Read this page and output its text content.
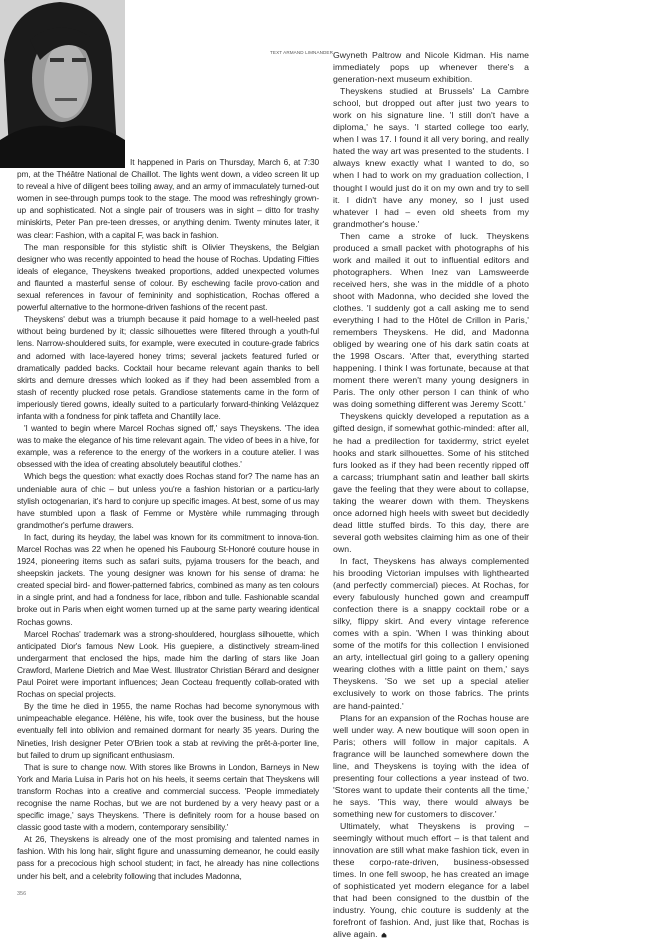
TEXT ARMAND LIMNANDER

It happened in Paris on Thursday, March 6, at 7:30 pm, at the Théâtre National de Chaillot. The lights went down, a video screen lit up to reveal a hive of diligent bees toiling away, and an army of immaculately turned-out women in see-through pumps took to the stage. The mood was refreshingly grown-up and sophisticated. Not a single pair of trousers was in sight – ditto for trashy miniskirts, Peter Pan pre-teen dresses, or anything denim. Twenty minutes later, it was clear: Fashion, with a capital F, was back in fashion.

The man responsible for this stylistic shift is Olivier Theyskens, the Belgian designer who was recently appointed to head the house of Rochas. Updating Fifties ideals of elegance, Theyskens tweaked proportions, added unexpected volumes and flaunted a masterful sense of colour. By eschewing facile provo-cation and sexual references in favour of femininity and sophistication, Rochas offered a powerful alternative to the hormone-driven fashions of the recent past.

Theyskens' debut was a triumph because it paid homage to a well-heeled past without being burdened by it; classic silhouettes were filtered through a youth-ful lens. Narrow-shouldered suits, for example, were executed in couture-grade fabrics and adorned with lace-layered honey trims; several jackets featured furled or dramatically padded backs. Cocktail hour became relevant again thanks to bell skirts and demure dresses which looked as if they had been assembled from a stash of recently plucked rose petals. Grandiose statements came in the form of imperiously tiered gowns, ideally suited to a particularly forward-thinking Velázquez infanta with a fondness for pink taffeta and Chantilly lace.

'I wanted to begin where Marcel Rochas signed off,' says Theyskens. 'The idea was to make the elegance of his time relevant again. The video of bees in a hive, for example, was a reference to the energy of the workers in a couture atelier. I was obsessed with the idea of creating absolutely beautiful clothes.'

Which begs the question: what exactly does Rochas stand for? The name has an undeniable aura of chic – but unless you're a fashion historian or a particu-larly stylish octogenarian, it's hard to conjure up specific images. At best, some of us may have stumbled upon a flask of Femme or Mystère while rummaging through grandmother's perfume drawers.

In fact, during its heyday, the label was known for its commitment to innova-tion. Marcel Rochas was 22 when he opened his Faubourg St-Honoré couture house in 1924, pioneering items such as safari suits, pyjama trousers for the beach, and sheepskin jackets. The young designer was known for his sense of drama: he created special bird- and flower-patterned fabrics, combined as many as ten colours in a single print, and had a fondness for lace, ribbon and tulle. Fashionable scandal broke out in Paris when eight women turned up at the same party wearing identical Rochas gowns.

Marcel Rochas' trademark was a strong-shouldered, hourglass silhouette, which anticipated Dior's famous New Look. His guepiere, a distinctively stream-lined undergarment that enclosed the hips, made him the darling of stars like Joan Crawford, Marlene Dietrich and Mae West. Illustrator Christian Bérard and designer Paul Poiret were important influences; Jean Cocteau frequently collab-orated with Rochas on special projects.

By the time he died in 1955, the name Rochas had become synonymous with unimpeachable elegance. Hélène, his wife, took over the business, but the house eventually fell into oblivion and remained dormant for nearly 35 years. During the Nineties, Irish designer Peter O'Brien took a stab at reviving the prêt-à-porter line, but failed to drum up significant enthusiasm.

That is sure to change now. With stores like Browns in London, Barneys in New York and Maria Luisa in Paris hot on his heels, it seems certain that Theyskens will transform Rochas into a creative and commercial success. 'People immediately recognise the name Rochas, but we are not burdened by a very heavy past or a specific image,' says Theyskens. 'There is definitely room for a house based on classic good taste with a modern, contemporary sensibility.'

At 26, Theyskens is already one of the most promising and talented names in fashion. With his long hair, slight figure and unassuming demeanor, he could easily pass for a precocious high school student; in fact, he already has nine collections under his belt, and a celebrity following that includes Madonna,

Gwyneth Paltrow and Nicole Kidman. His name immediately pops up whenever there's a generation-next museum exhibition.

Theyskens studied at Brussels' La Cambre school, but dropped out after just two years to work on his signature line. 'I still don't have a diploma,' he says. 'I started college too early, when I was 17. I found it all very boring, and really hated the way art was presented to the students. I always knew exactly what I wanted to do, so when I had to work on my graduation collection, I thought I would just do it on my own and try to sell it. I didn't have any money, so I just used whatever I had – even old sheets from my grandmother's house.'

Then came a stroke of luck. Theyskens produced a small packet with photographs of his work and mailed it out to influential editors and photographers. When Inez van Lamsweerde received hers, she was in the middle of a photo shoot with Madonna, who decided she loved the clothes. 'I suddenly got a call asking me to send everything I had to the Hôtel de Crillon in Paris,' remembers Theyskens. He did, and Madonna obliged by wearing one of his dark satin coats at the 1998 Oscars. 'After that, everything started happening. I think I was fortunate, because at that moment there weren't many young designers in Paris. The only other person I can think of who was doing something different was Jeremy Scott.'

Theyskens quickly developed a reputation as a gifted design, if somewhat gothic-minded: after all, he had a predilection for taxidermy, strict eyelet hooks and stark silhouettes. Some of his stitched furs looked as if they had been recently ripped off a carcass; triumphant satin and leather ball skirts gave the feeling that they were about to collapse, taking the wearer down with them. Theyskens once adorned high heels with sweet but decidedly dead little stuffed birds. To this day, there are several goth websites claiming him as one of their own.

In fact, Theyskens has always complemented his brooding Victorian impulses with lighthearted (and perfectly commercial) pieces. At Rochas, for every fabulously hunched gown and creampuff confection there is a snappy cocktail robe or a silky, flippy skirt. And every vintage reference comes with a spin. 'When I was thinking about some of the motifs for this collection I envisioned an arty, intellectual girl going to a gallery opening wearing clothes with a little paint on them,' says Theyskens. 'So we set up a special atelier exclusively to work on those fabrics. The prints are hand-painted.'

Plans for an expansion of the Rochas house are well under way. A new boutique will soon open in Paris; others will follow in major capitals. A fragrance will be launched somewhere down the line, and Theyskens is toying with the idea of presenting four collections a year instead of two. 'Stores want to update their contents all the time,' he says. 'This way, there would always be something new for customers to discover.'

Ultimately, what Theyskens is proving – seemingly without much effort – is that talent and innovation are still what make fashion tick, even in these corpo-rate-driven, business-obsessed times. In one fell swoop, he has created an image of sophisticated yet modern elegance for a label that had been consigned to the dustbin of the industry. Young, chic couture is suddenly at the forefront of fashion. And, just like that, Rochas is alive again.

356
